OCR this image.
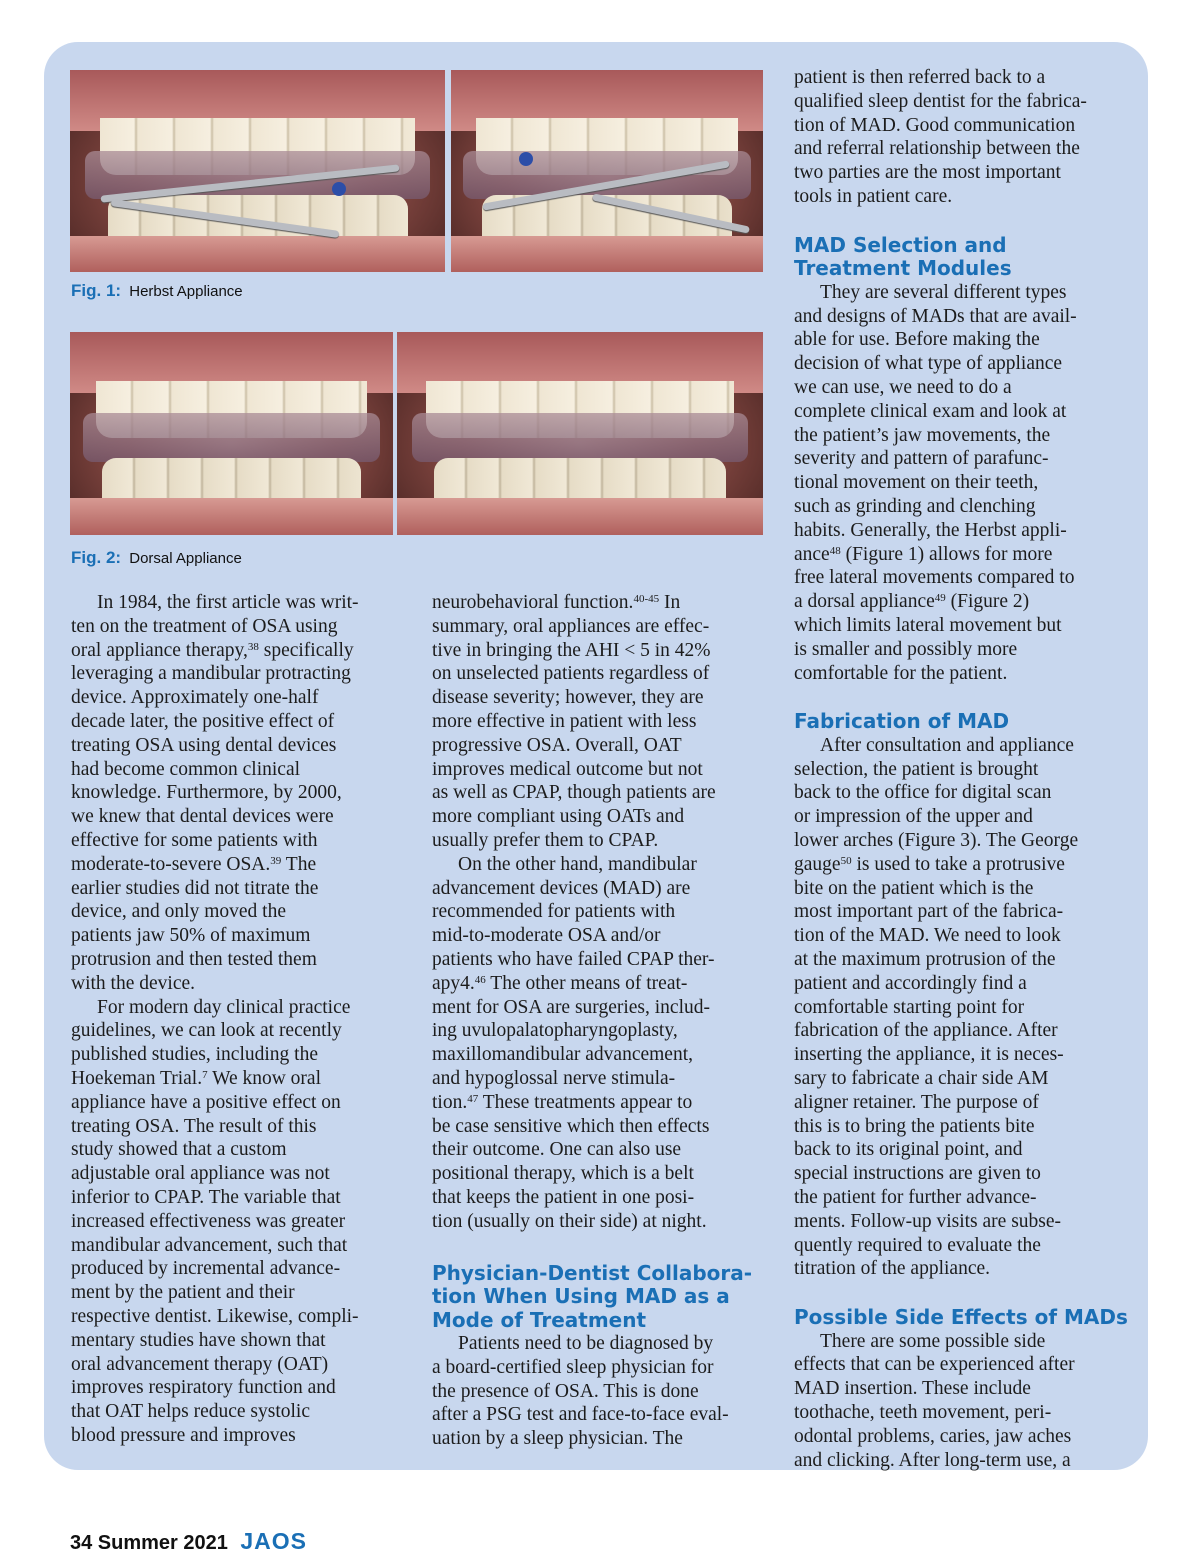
Fig. 1: Herbst Appliance
Fig. 2: Dorsal Appliance

In 1984, the first article was writ-
ten on the treatment of OSA using
oral appliance therapy,$^{38}$ specifically
leveraging a mandibular protracting
device. Approximately one-half
decade later, the positive effect of
treating OSA using dental devices
had become common clinical
knowledge. Furthermore, by 2000,
we knew that dental devices were
effective for some patients with
moderate-to-severe OSA.$^{39}$ The
earlier studies did not titrate the
device, and only moved the
patients jaw 50% of maximum
protrusion and then tested them
with the device.

For modern day clinical practice
guidelines, we can look at recently
published studies, including the
Hoekeman Trial.$^7$ We know oral
appliance have a positive effect on
treating OSA. The result of this
study showed that a custom
adjustable oral appliance was not
inferior to CPAP. The variable that
increased effectiveness was greater
mandibular advancement, such that
produced by incremental advance-
ment by the patient and their
respective dentist. Likewise, compli-
mentary studies have shown that
oral advancement therapy (OAT)
improves respiratory function and
that OAT helps reduce systolic
blood pressure and improves

neurobehavioral function.$^{40-45}$ In
summary, oral appliances are effec-
tive in bringing the AHI < 5 in 42%
on unselected patients regardless of
disease severity; however, they are
more effective in patient with less
progressive OSA. Overall, OAT
improves medical outcome but not
as well as CPAP, though patients are
more compliant using OATs and
usually prefer them to CPAP.

On the other hand, mandibular
advancement devices (MAD) are
recommended for patients with
mid-to-moderate OSA and/or
patients who have failed CPAP ther-
apy4.46 The other means of treat-
ment for OSA are surgeries, includ-
ing uvulopalatopharyngoplasty,
maxillomandibular advancement,
and hypoglossal nerve stimula-
tion.$^{47}$ These treatments appear to
be case sensitive which then effects
their outcome. One can also use
positional therapy, which is a belt
that keeps the patient in one posi-
tion (usually on their side) at night.

Physician-Dentist Collabora-
tion When Using MAD as a
Mode of Treatment

Patients need to be diagnosed by
a board-certified sleep physician for
the presence of OSA. This is done
after a PSG test and face-to-face eval-
uation by a sleep physician. The

patient is then referred back to a
qualified sleep dentist for the fabrica-
tion of MAD. Good communication
and referral relationship between the
two parties are the most important
tools in patient care.

MAD Selection and
Treatment Modules

They are several different types
and designs of MADs that are avail-
able for use. Before making the
decision of what type of appliance
we can use, we need to do a
complete clinical exam and look at
the patient’s jaw movements, the
severity and pattern of parafunc-
tional movement on their teeth,
such as grinding and clenching
habits. Generally, the Herbst appli-
ance$^{48}$ (Figure 1) allows for more
free lateral movements compared to
a dorsal appliance$^{49}$ (Figure 2)
which limits lateral movement but
is smaller and possibly more
comfortable for the patient.

Fabrication of MAD

After consultation and appliance
selection, the patient is brought
back to the office for digital scan
or impression of the upper and
lower arches (Figure 3). The George
gauge$^{50}$ is used to take a protrusive
bite on the patient which is the
most important part of the fabrica-
tion of the MAD. We need to look
at the maximum protrusion of the
patient and accordingly find a
comfortable starting point for
fabrication of the appliance. After
inserting the appliance, it is neces-
sary to fabricate a chair side AM
aligner retainer. The purpose of
this is to bring the patients bite
back to its original point, and
special instructions are given to
the patient for further advance-
ments. Follow-up visits are subse-
quently required to evaluate the
titration of the appliance.

Possible Side Effects of MADs

There are some possible side
effects that can be experienced after
MAD insertion. These include
toothache, teeth movement, peri-
odontal problems, caries, jaw aches
and clicking. After long-term use, a

34 Summer 2021 JAOS
